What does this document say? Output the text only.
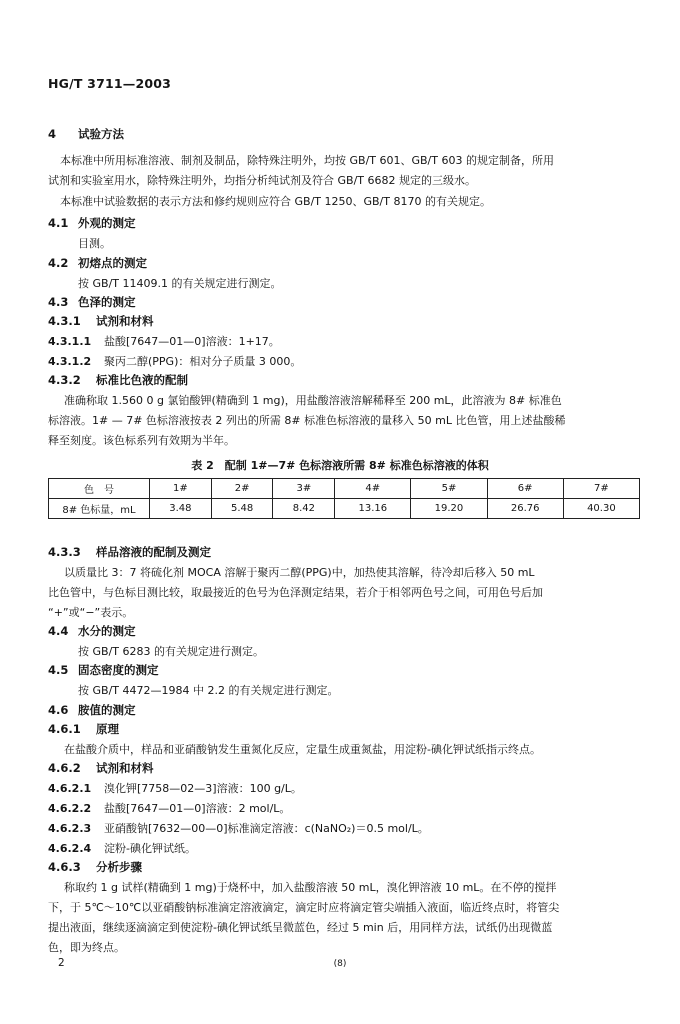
HG/T 3711—2003
4 试验方法
本标准中所用标准溶液、制剂及制品，除特殊注明外，均按 GB/T 601、GB/T 603 的规定制备，所用
试剂和实验室用水，除特殊注明外，均指分析纯试剂及符合 GB/T 6682 规定的三级水。
本标准中试验数据的表示方法和修约规则应符合 GB/T 1250、GB/T 8170 的有关规定。
4.1 外观的测定
目测。
4.2 初熔点的测定
按 GB/T 11409.1 的有关规定进行测定。
4.3 色泽的测定
4.3.1 试剂和材料
4.3.1.1 盐酸[7647—01—0]溶液：1+17。
4.3.1.2 聚丙二醇(PPG)：相对分子质量 3 000。
4.3.2 标准比色液的配制
准确称取 1.560 0 g 氯铂酸钾(精确到 1 mg)，用盐酸溶液溶解稀释至 200 mL，此溶液为 8# 标准色
标溶液。1# — 7# 色标溶液按表 2 列出的所需 8# 标准色标溶液的量移入 50 mL 比色管，用上述盐酸稀
释至刻度。该色标系列有效期为半年。
表 2　配制 1#—7# 色标溶液所需 8# 标准色标溶液的体积
色　号	1#	2#	3#	4#	5#	6#	7#
8# 色标量，mL	3.48	5.48	8.42	13.16	19.20	26.76	40.30
4.3.3 样品溶液的配制及测定
以质量比 3：7 将硫化剂 MOCA 溶解于聚丙二醇(PPG)中，加热使其溶解，待冷却后移入 50 mL
比色管中，与色标目测比较，取最接近的色号为色泽测定结果，若介于相邻两色号之间，可用色号后加
“+”或“−”表示。
4.4 水分的测定
按 GB/T 6283 的有关规定进行测定。
4.5 固态密度的测定
按 GB/T 4472—1984 中 2.2 的有关规定进行测定。
4.6 胺值的测定
4.6.1 原理
在盐酸介质中，样品和亚硝酸钠发生重氮化反应，定量生成重氮盐，用淀粉-碘化钾试纸指示终点。
4.6.2 试剂和材料
4.6.2.1 溴化钾[7758—02—3]溶液：100 g/L。
4.6.2.2 盐酸[7647—01—0]溶液：2 mol/L。
4.6.2.3 亚硝酸钠[7632—00—0]标准滴定溶液：c(NaNO₂)＝0.5 mol/L。
4.6.2.4 淀粉-碘化钾试纸。
4.6.3 分析步骤
称取约 1 g 试样(精确到 1 mg)于烧杯中，加入盐酸溶液 50 mL，溴化钾溶液 10 mL。在不停的搅拌
下，于 5℃～10℃以亚硝酸钠标准滴定溶液滴定，滴定时应将滴定管尖端插入液面，临近终点时，将管尖
提出液面，继续逐滴滴定到使淀粉-碘化钾试纸呈微蓝色，经过 5 min 后，用同样方法，试纸仍出现微蓝
色，即为终点。
2	(8)
